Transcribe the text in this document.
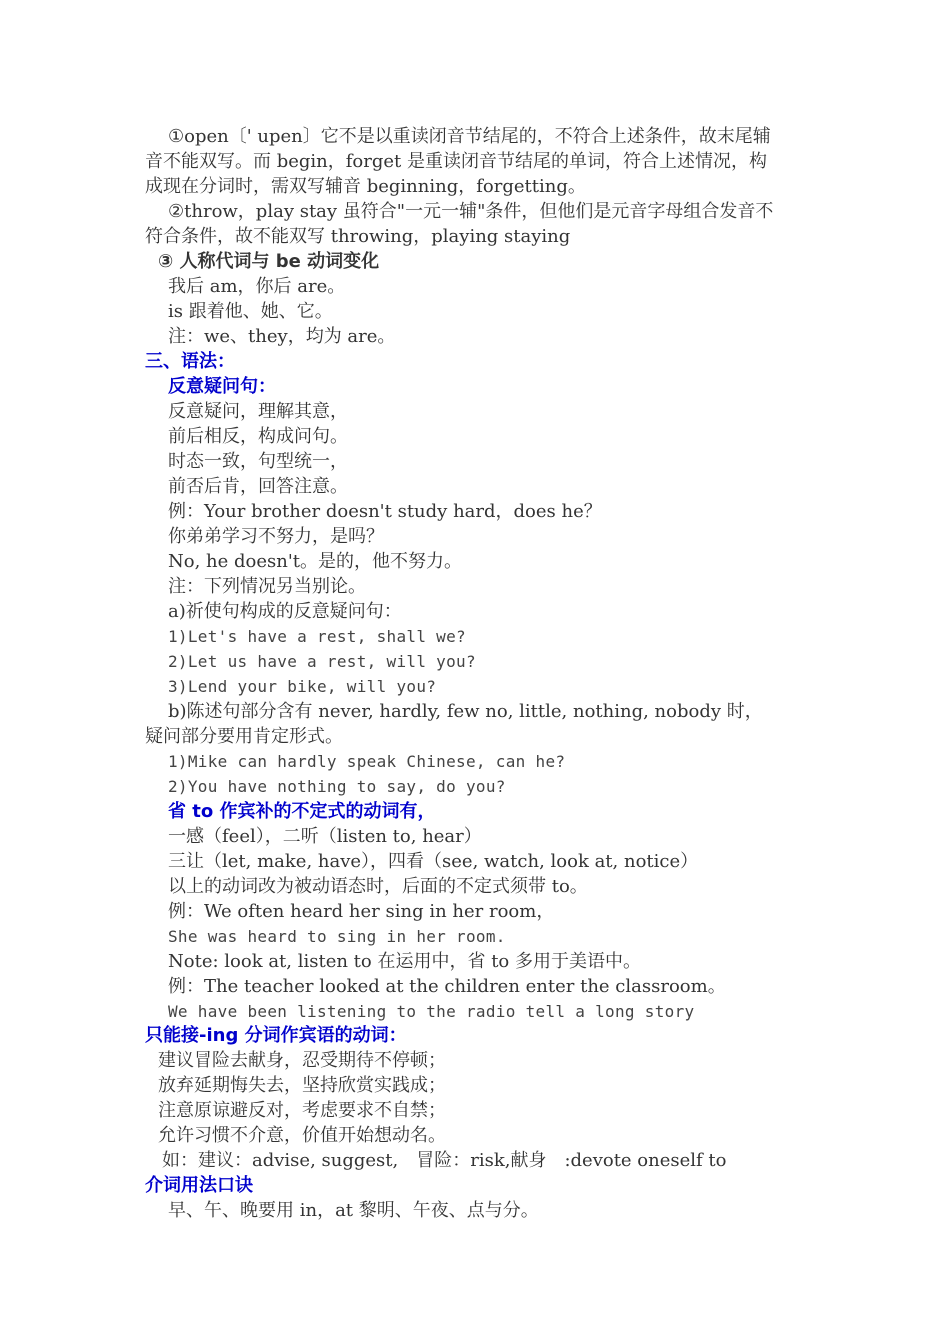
①open〔' upen〕它不是以重读闭音节结尾的，不符合上述条件，故末尾辅
音不能双写。而 begin，forget 是重读闭音节结尾的单词，符合上述情况，构
成现在分词时，需双写辅音 beginning，forgetting。
②throw，play stay 虽符合"一元一辅"条件，但他们是元音字母组合发音不
符合条件，故不能双写 throwing，playing staying
③ 人称代词与 be 动词变化
我后 am，你后 are。
is 跟着他、她、它。
注：we、they，均为 are。
三、语法：
反意疑问句：
反意疑问，理解其意，
前后相反，构成问句。
时态一致，句型统一，
前否后肯，回答注意。
例：Your brother doesn't study hard，does he？
你弟弟学习不努力，是吗？
No, he doesn't。是的，他不努力。
注：下列情况另当别论。
a)祈使句构成的反意疑问句：
1)Let's have a rest, shall we?
2)Let us have a rest, will you?
3)Lend your bike, will you?
b)陈述句部分含有 never, hardly, few no, little, nothing, nobody 时，
疑问部分要用肯定形式。
1)Mike can hardly speak Chinese, can he?
2)You have nothing to say, do you?
省 to 作宾补的不定式的动词有，
一感（feel），二听（listen to, hear）
三让（let, make, have），四看（see, watch, look at, notice）
以上的动词改为被动语态时，后面的不定式须带 to。
例：We often heard her sing in her room，
She was heard to sing in her room.
Note: look at, listen to 在运用中，省 to 多用于美语中。
例：The teacher looked at the children enter the classroom。
We have been listening to the radio tell a long story
只能接-ing 分词作宾语的动词：
建议冒险去献身，忍受期待不停顿；
放弃延期悔失去，坚持欣赏实践成；
注意原谅避反对，考虑要求不自禁；
允许习惯不介意，价值开始想动名。
如：建议：advise, suggest,　冒险：risk,献身　:devote oneself to
介词用法口诀
早、午、晚要用 in，at 黎明、午夜、点与分。
